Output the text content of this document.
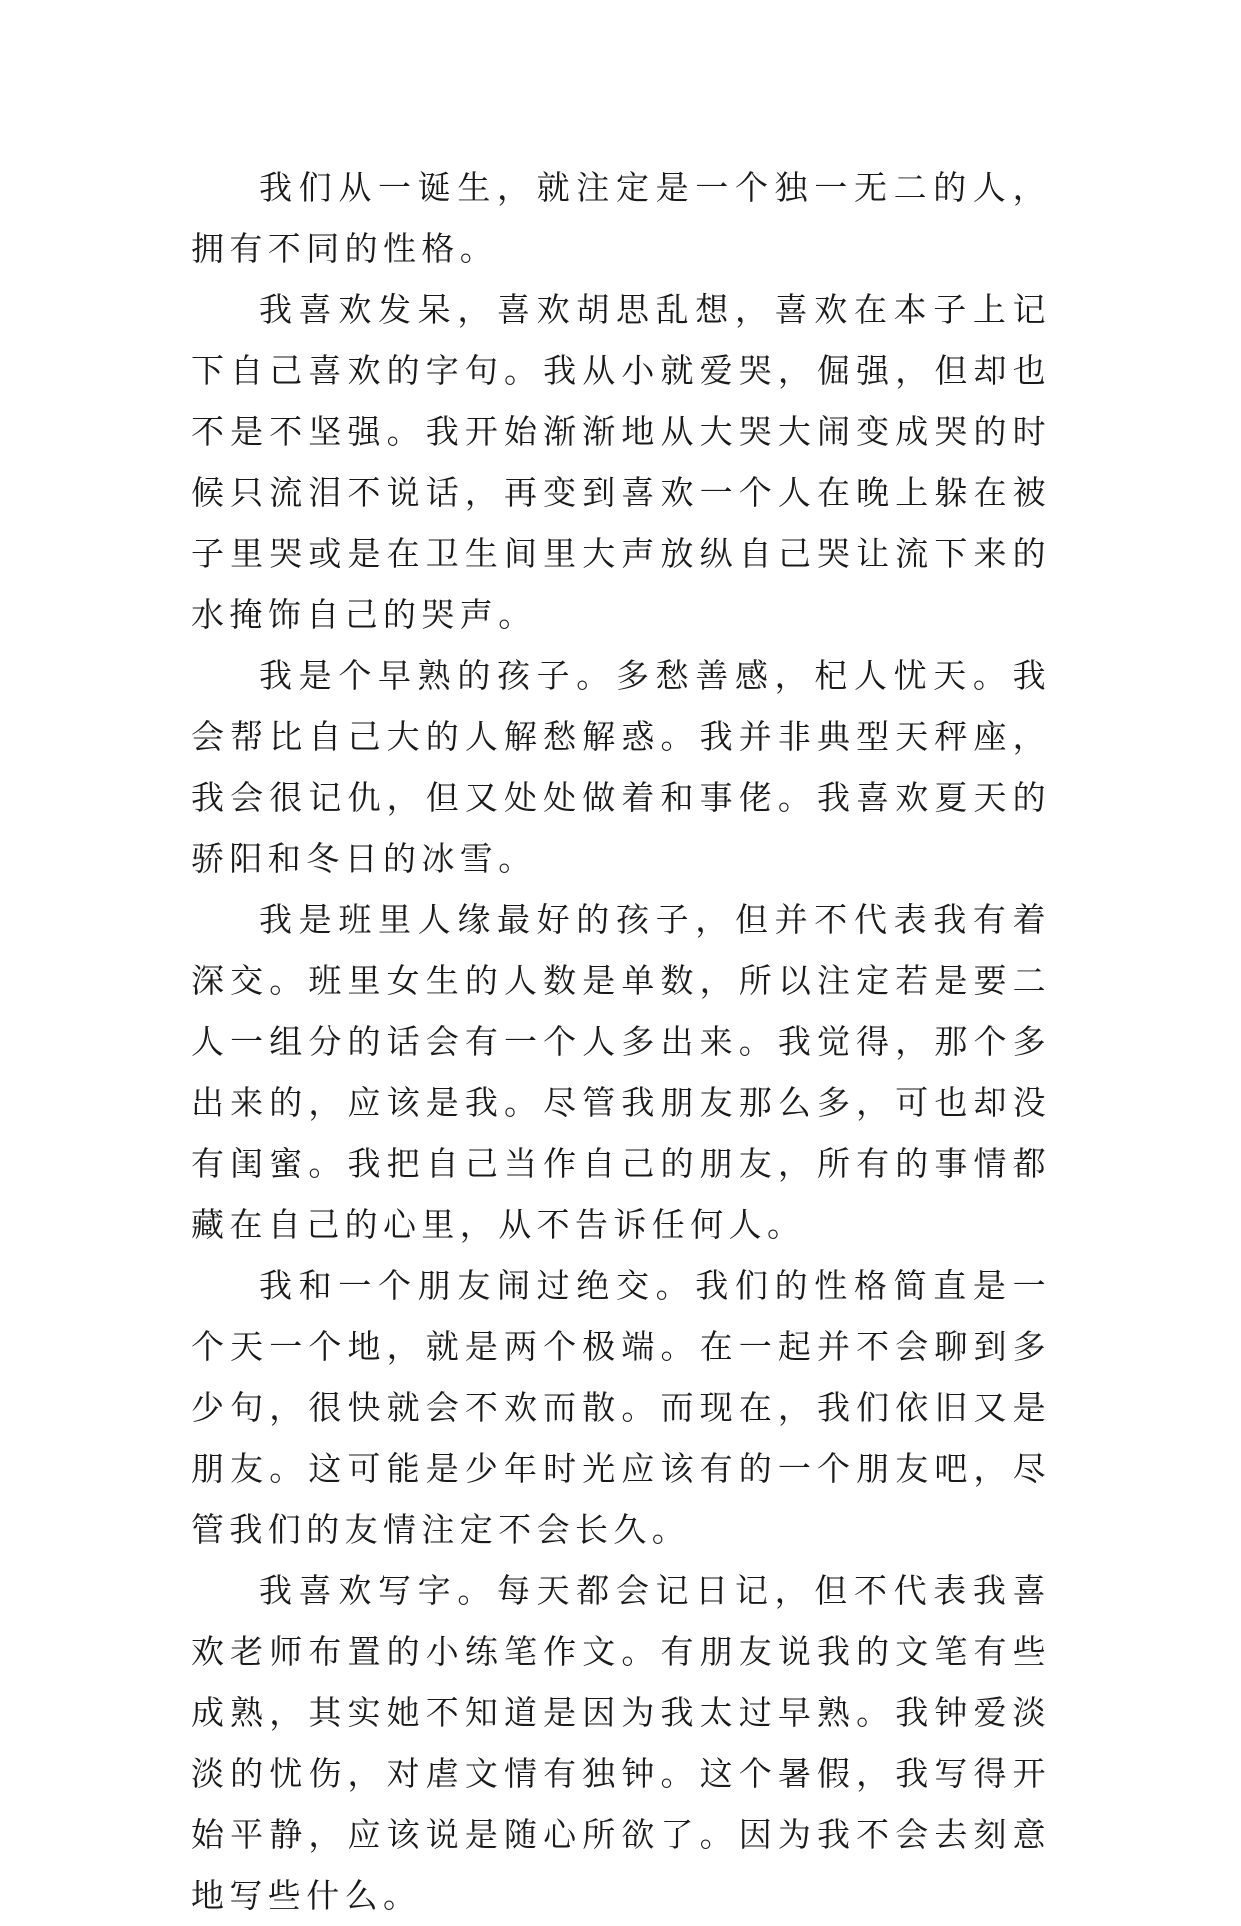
我们从一诞生，就注定是一个独一无二的人，拥有不同的性格。

我喜欢发呆，喜欢胡思乱想，喜欢在本子上记下自己喜欢的字句。我从小就爱哭，倔强，但却也不是不坚强。我开始渐渐地从大哭大闹变成哭的时候只流泪不说话，再变到喜欢一个人在晚上躲在被子里哭或是在卫生间里大声放纵自己哭让流下来的水掩饰自己的哭声。

我是个早熟的孩子。多愁善感，杞人忧天。我会帮比自己大的人解愁解惑。我并非典型天秤座，我会很记仇，但又处处做着和事佬。我喜欢夏天的骄阳和冬日的冰雪。

我是班里人缘最好的孩子，但并不代表我有着深交。班里女生的人数是单数，所以注定若是要二人一组分的话会有一个人多出来。我觉得，那个多出来的，应该是我。尽管我朋友那么多，可也却没有闺蜜。我把自己当作自己的朋友，所有的事情都藏在自己的心里，从不告诉任何人。

我和一个朋友闹过绝交。我们的性格简直是一个天一个地，就是两个极端。在一起并不会聊到多少句，很快就会不欢而散。而现在，我们依旧又是朋友。这可能是少年时光应该有的一个朋友吧，尽管我们的友情注定不会长久。

我喜欢写字。每天都会记日记，但不代表我喜欢老师布置的小练笔作文。有朋友说我的文笔有些成熟，其实她不知道是因为我太过早熟。我钟爱淡淡的忧伤，对虐文情有独钟。这个暑假，我写得开始平静，应该说是随心所欲了。因为我不会去刻意地写些什么。
